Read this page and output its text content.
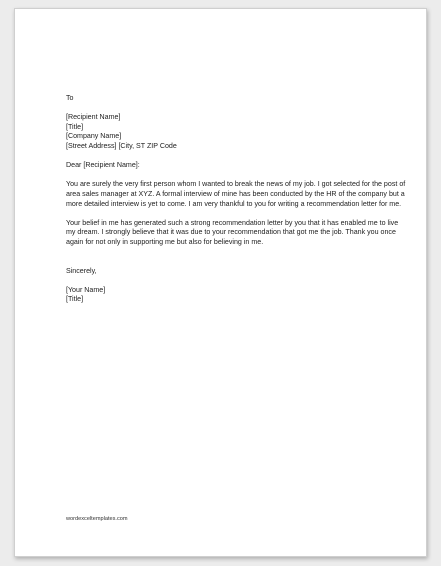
To
[Recipient Name]
[Title]
[Company Name]
[Street Address] [City, ST ZIP Code
Dear [Recipient Name]:

You are surely the very first person whom I wanted to break the news of my job. I got selected for the post of area sales manager at XYZ. A formal interview of mine has been conducted by the HR of the company but a more detailed interview is yet to come. I am very thankful to you for writing a recommendation letter for me.

Your belief in me has generated such a strong recommendation letter by you that it has enabled me to live my dream. I strongly believe that it was due to your recommendation that got me the job. Thank you once again for not only in supporting me but also for believing in me.

Sincerely,
[Your Name]
[Title]
wordexceltemplates.com
